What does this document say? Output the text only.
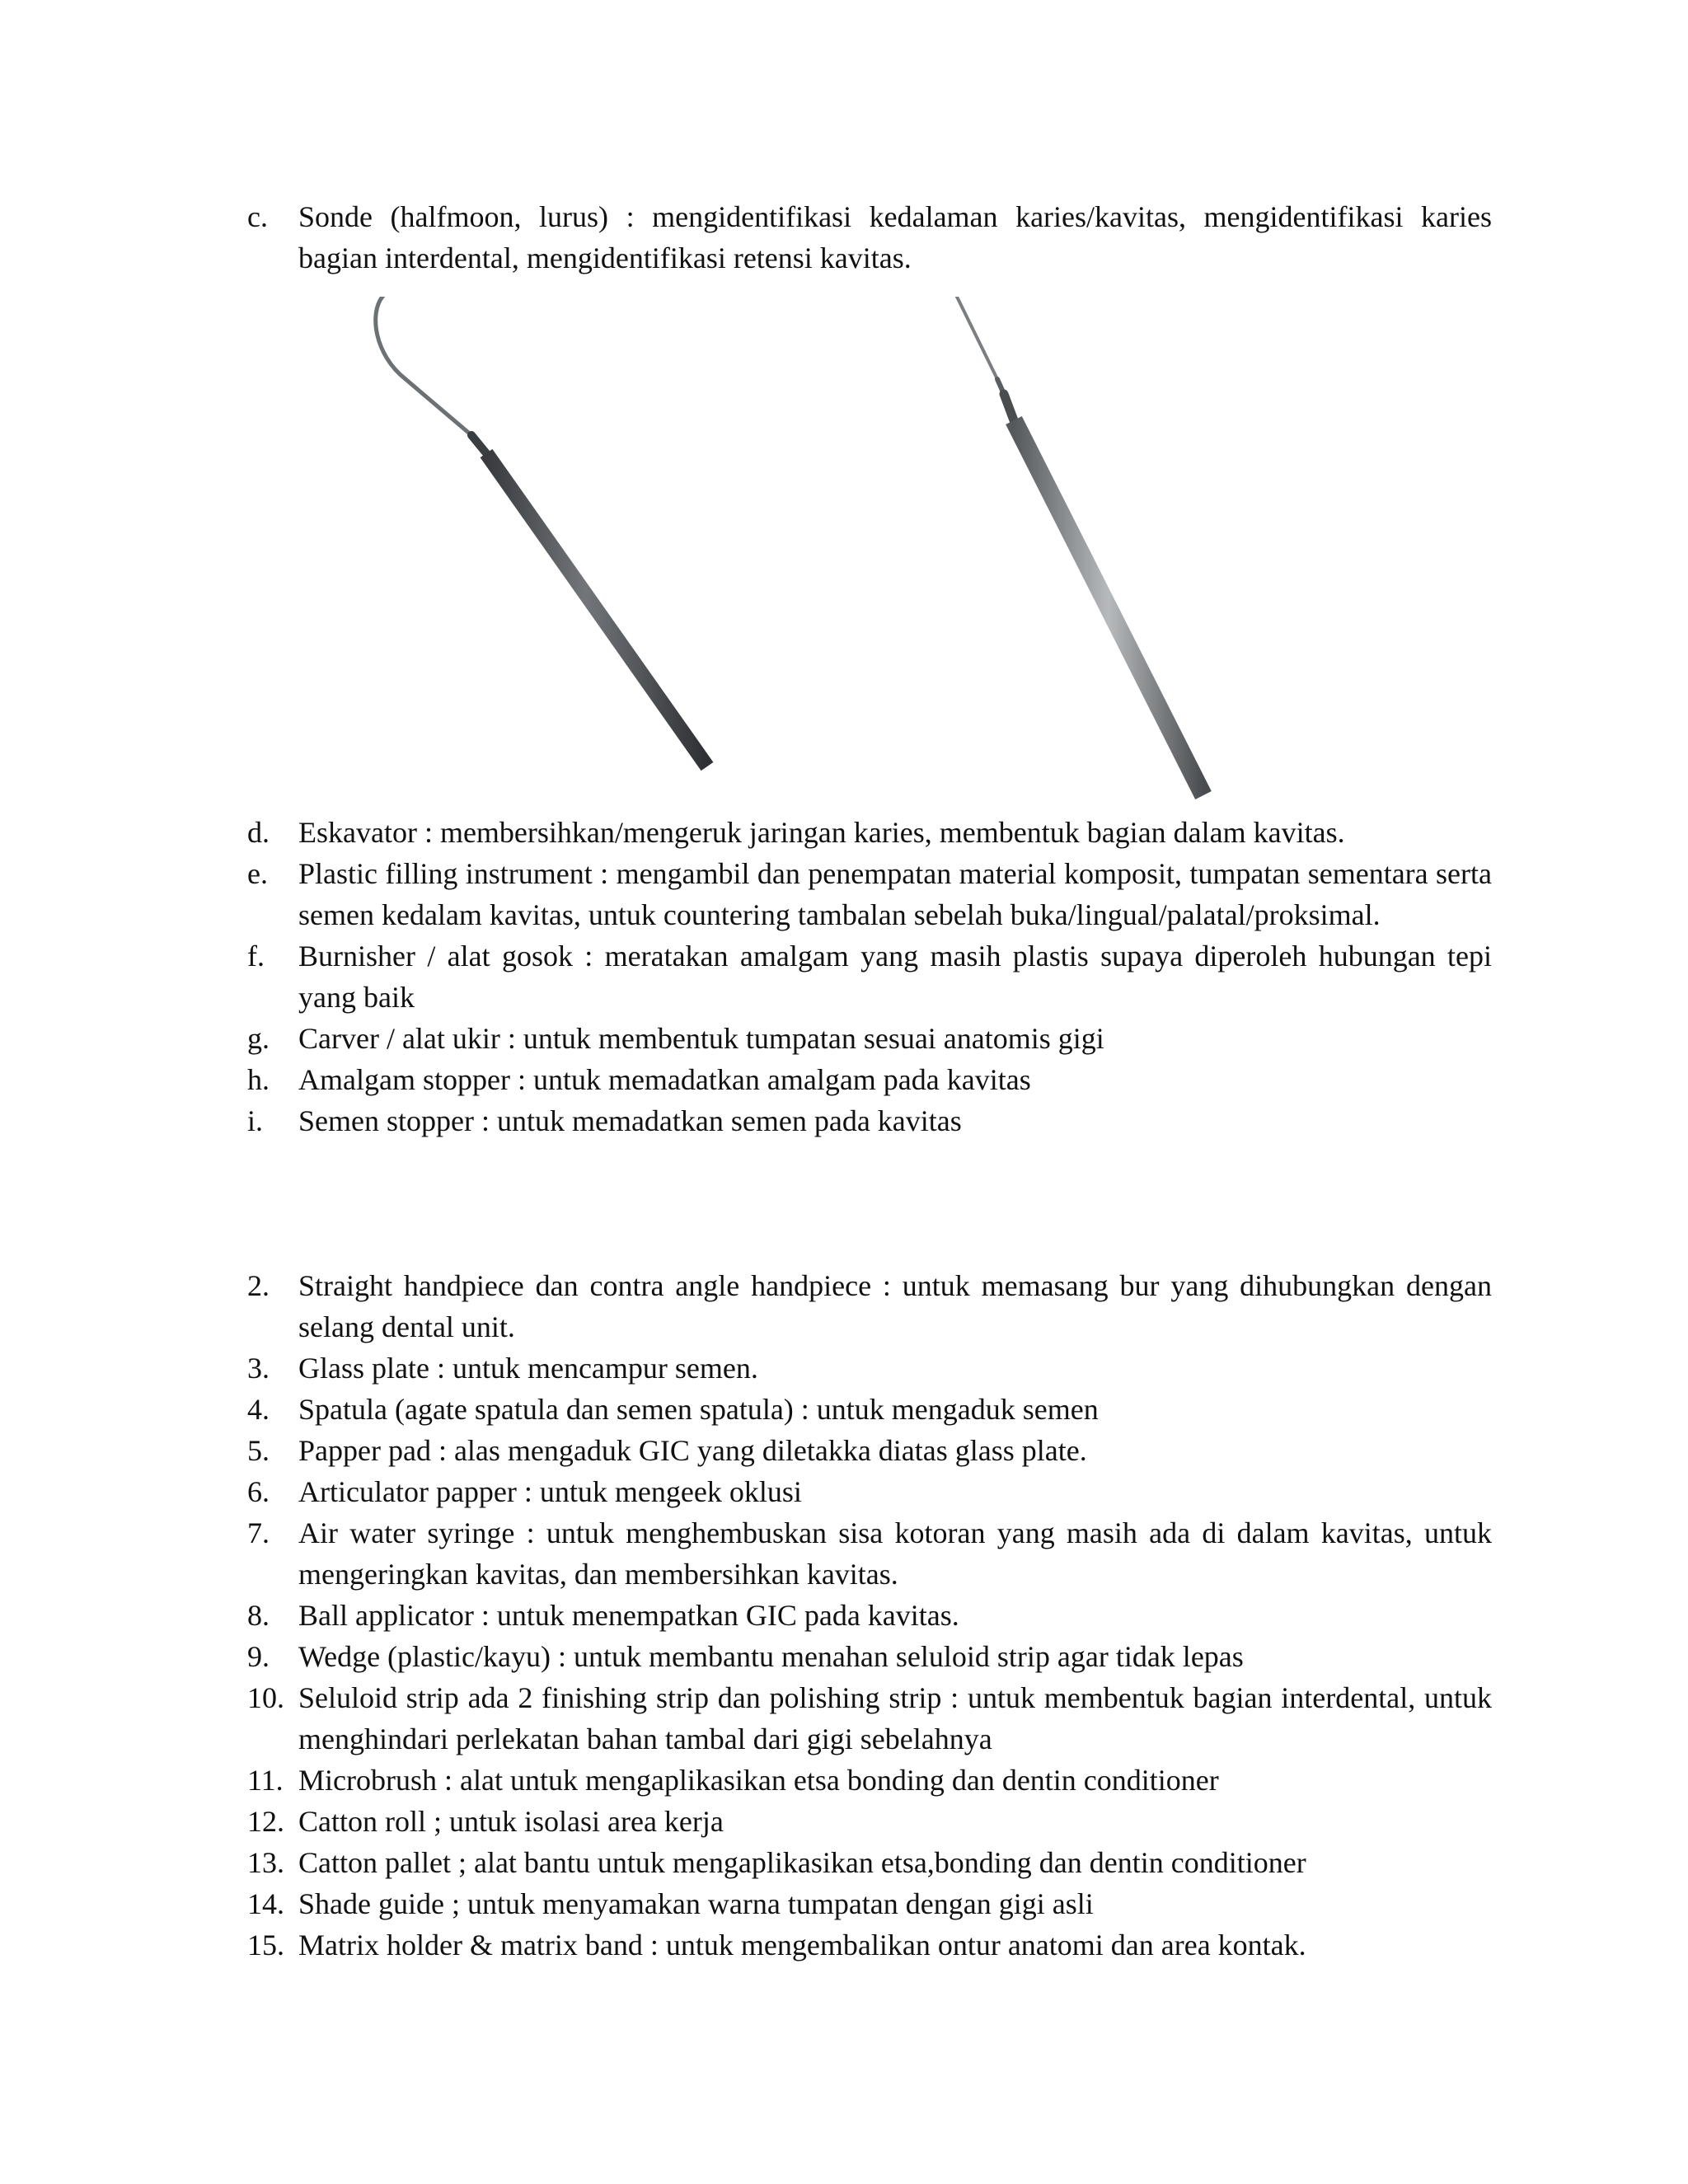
c. Sonde (halfmoon, lurus) : mengidentifikasi kedalaman karies/kavitas, mengidentifikasi karies bagian interdental, mengidentifikasi retensi kavitas.

d. Eskavator : membersihkan/mengeruk jaringan karies, membentuk bagian dalam kavitas.

e. Plastic filling instrument : mengambil dan penempatan material komposit, tumpatan sementara serta semen kedalam kavitas, untuk countering tambalan sebelah buka/lingual/palatal/proksimal.

f. Burnisher / alat gosok : meratakan amalgam yang masih plastis supaya diperoleh hubungan tepi yang baik

g. Carver / alat ukir : untuk membentuk tumpatan sesuai anatomis gigi

h. Amalgam stopper : untuk memadatkan amalgam pada kavitas

i. Semen stopper : untuk memadatkan semen pada kavitas

2. Straight handpiece dan contra angle handpiece : untuk memasang bur yang dihubungkan dengan selang dental unit.

3. Glass plate : untuk mencampur semen.

4. Spatula (agate spatula dan semen spatula) : untuk mengaduk semen

5. Papper pad : alas mengaduk GIC yang diletakka diatas glass plate.

6. Articulator papper : untuk mengeek oklusi

7. Air water syringe : untuk menghembuskan sisa kotoran yang masih ada di dalam kavitas, untuk mengeringkan kavitas, dan membersihkan kavitas.

8. Ball applicator : untuk menempatkan GIC pada kavitas.

9. Wedge (plastic/kayu) : untuk membantu menahan seluloid strip agar tidak lepas

10. Seluloid strip ada 2 finishing strip dan polishing strip : untuk membentuk bagian interdental, untuk menghindari perlekatan bahan tambal dari gigi sebelahnya

11. Microbrush : alat untuk mengaplikasikan etsa bonding dan dentin conditioner

12. Catton roll ; untuk isolasi area kerja

13. Catton pallet ; alat bantu untuk mengaplikasikan etsa,bonding dan dentin conditioner

14. Shade guide ; untuk menyamakan warna tumpatan dengan gigi asli

15. Matrix holder & matrix band : untuk mengembalikan ontur anatomi dan area kontak.
